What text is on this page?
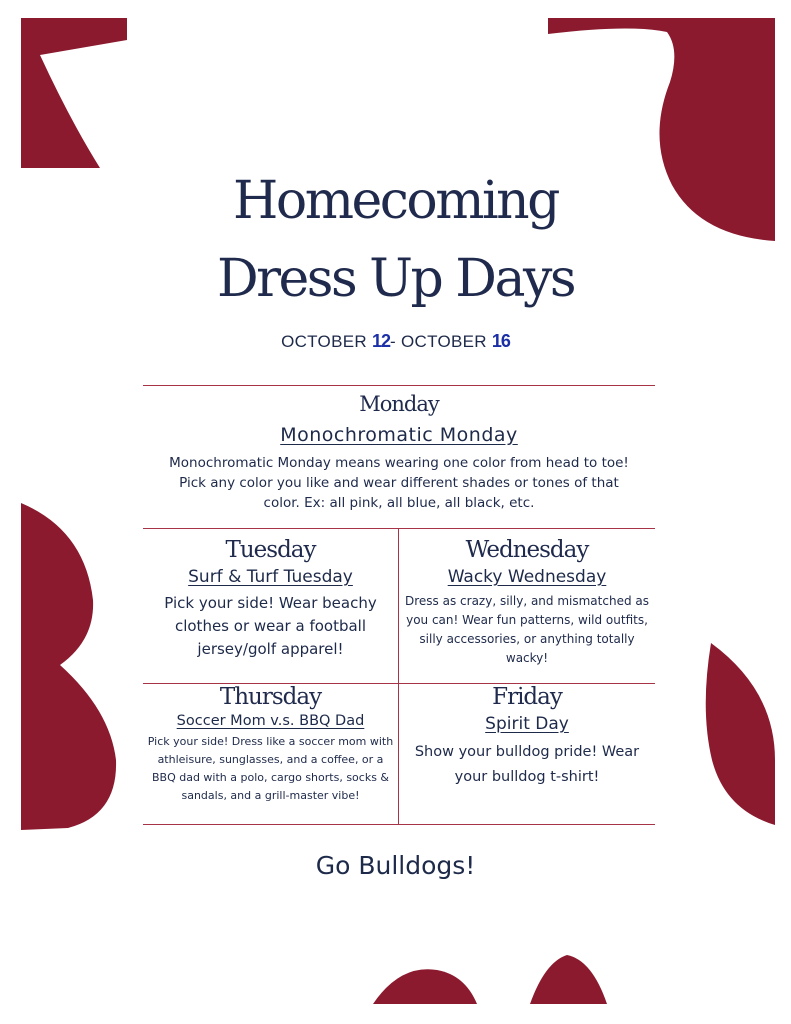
Homecoming
Dress Up Days
OCTOBER 12- OCTOBER 16
Monday
Monochromatic Monday
Monochromatic Monday means wearing one color from head to toe! Pick any color you like and wear different shades or tones of that color. Ex: all pink, all blue, all black, etc.
Tuesday
Surf & Turf Tuesday
Pick your side! Wear beachy clothes or wear a football jersey/golf apparel!
Wednesday
Wacky Wednesday
Dress as crazy, silly, and mismatched as you can! Wear fun patterns, wild outfits, silly accessories, or anything totally wacky!
Thursday
Soccer Mom v.s. BBQ Dad
Pick your side! Dress like a soccer mom with athleisure, sunglasses, and a coffee, or a BBQ dad with a polo, cargo shorts, socks & sandals, and a grill-master vibe!
Friday
Spirit Day
Show your bulldog pride! Wear your bulldog t-shirt!
Go Bulldogs!
